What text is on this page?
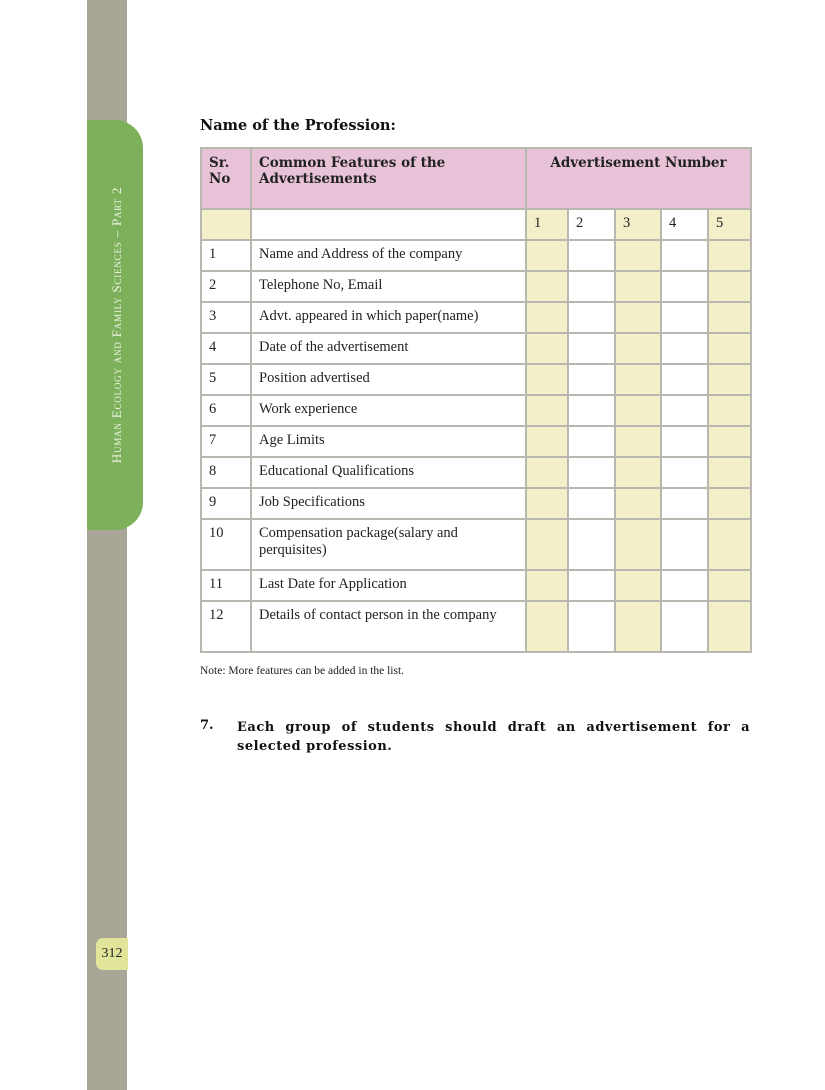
Human Ecology and Family Sciences – Part 2
312
Name of the Profession:
Sr. No	Common Features of the Advertisements	Advertisement Number				
		1	2	3	4	5
1	Name and Address of the company					
2	Telephone No, Email					
3	Advt. appeared in which paper(name)					
4	Date of the advertisement					
5	Position advertised					
6	Work experience					
7	Age Limits					
8	Educational Qualifications					
9	Job Specifications					
10	Compensation package(salary and perquisites)					
11	Last Date for Application					
12	Details of contact person in the company					
Note: More features can be added in the list.
7. Each group of students should draft an advertisement for a selected profession.
